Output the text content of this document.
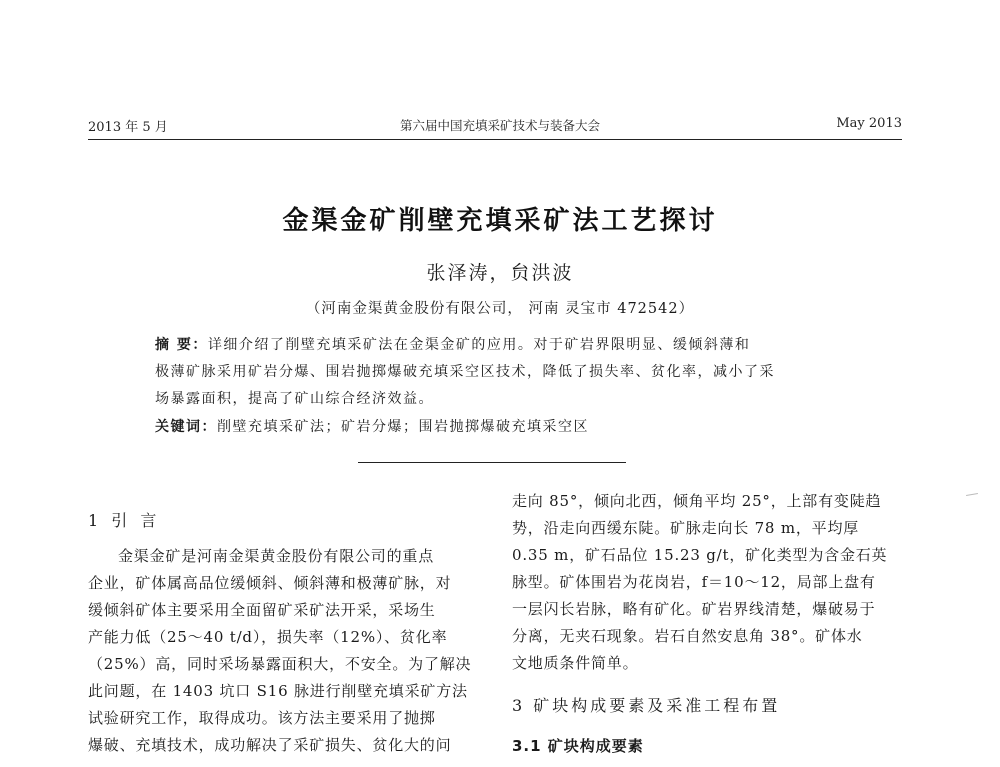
2013 年 5 月	第六届中国充填采矿技术与装备大会	May 2013
金渠金矿削壁充填采矿法工艺探讨
张泽涛，贠洪波
（河南金渠黄金股份有限公司， 河南 灵宝市 472542）
摘 要：详细介绍了削壁充填采矿法在金渠金矿的应用。对于矿岩界限明显、缓倾斜薄和
极薄矿脉采用矿岩分爆、围岩抛掷爆破充填采空区技术，降低了损失率、贫化率，减小了采
场暴露面积，提高了矿山综合经济效益。
关键词：削壁充填采矿法；矿岩分爆；围岩抛掷爆破充填采空区
1 引 言
金渠金矿是河南金渠黄金股份有限公司的重点
企业，矿体属高品位缓倾斜、倾斜薄和极薄矿脉，对
缓倾斜矿体主要采用全面留矿采矿法开采，采场生
产能力低（25～40 t/d），损失率（12%）、贫化率
（25%）高，同时采场暴露面积大，不安全。为了解决
此问题，在 1403 坑口 S16 脉进行削壁充填采矿方法
试验研究工作，取得成功。该方法主要采用了抛掷
爆破、充填技术，成功解决了采矿损失、贫化大的问
走向 85°，倾向北西，倾角平均 25°，上部有变陡趋
势，沿走向西缓东陡。矿脉走向长 78 m，平均厚
0.35 m，矿石品位 15.23 g/t，矿化类型为含金石英
脉型。矿体围岩为花岗岩，f＝10～12，局部上盘有
一层闪长岩脉，略有矿化。矿岩界线清楚，爆破易于
分离，无夹石现象。岩石自然安息角 38°。矿体水
文地质条件简单。
3 矿块构成要素及采准工程布置
3.1 矿块构成要素
